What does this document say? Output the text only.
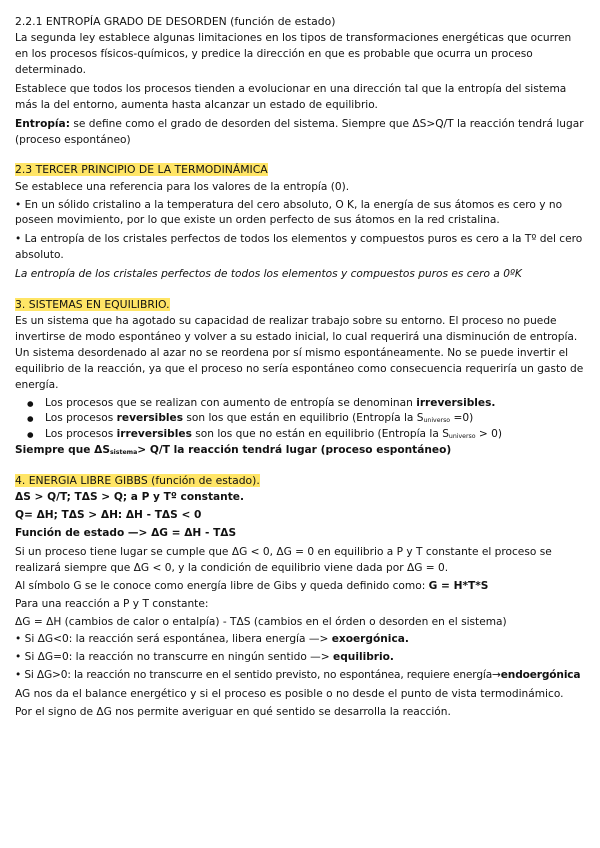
2.2.1 ENTROPÍA GRADO DE DESORDEN (función de estado)

La segunda ley establece algunas limitaciones en los tipos de transformaciones energéticas que ocurren en los procesos físicos-químicos, y predice la dirección en que es probable que ocurra un proceso determinado.

Establece que todos los procesos tienden a evolucionar en una dirección tal que la entropía del sistema más la del entorno, aumenta hasta alcanzar un estado de equilibrio.

Entropía: se define como el grado de desorden del sistema. Siempre que ΔS>Q/T la reacción tendrá lugar (proceso espontáneo)

2.3 TERCER PRINCIPIO DE LA TERMODINÁMICA

Se establece una referencia para los valores de la entropía (0).

• En un sólido cristalino a la temperatura del cero absoluto, O K, la energía de sus átomos es cero y no poseen movimiento, por lo que existe un orden perfecto de sus átomos en la red cristalina.

• La entropía de los cristales perfectos de todos los elementos y compuestos puros es cero a la Tº del cero absoluto.

La entropía de los cristales perfectos de todos los elementos y compuestos puros es cero a 0ºK

3. SISTEMAS EN EQUILIBRIO.

Es un sistema que ha agotado su capacidad de realizar trabajo sobre su entorno. El proceso no puede invertirse de modo espontáneo y volver a su estado inicial, lo cual requerirá una disminución de entropía. Un sistema desordenado al azar no se reordena por sí mismo espontáneamente. No se puede invertir el equilibrio de la reacción, ya que el proceso no sería espontáneo como consecuencia requeriría un gasto de energía.

● Los procesos que se realizan con aumento de entropía se denominan irreversibles.
● Los procesos reversibles son los que están en equilibrio (Entropía la $S_{universo} =0$)
● Los procesos irreversibles son los que no están en equilibrio (Entropía la $S_{universo} > 0$)

Siempre que $\Delta S_{sistema}> Q/T$ la reacción tendrá lugar (proceso espontáneo)

4. ENERGIA LIBRE GIBBS (función de estado).

ΔS > Q/T; TΔS > Q; a P y Tº constante.

Q= ΔH; TΔS > ΔH: ΔH - TΔS < 0

Función de estado —> ΔG = ΔH - TΔS

Si un proceso tiene lugar se cumple que ΔG < 0, ΔG = 0 en equilibrio a P y T constante el proceso se realizará siempre que ΔG < 0, y la condición de equilibrio viene dada por ΔG = 0.

Al símbolo G se le conoce como energía libre de Gibs y queda definido como: G = H*T*S

Para una reacción a P y T constante:

ΔG = ΔH (cambios de calor o entalpía) - TΔS (cambios en el órden o desorden en el sistema)

• Si ΔG<0: la reacción será espontánea, libera energía —> exoergónica.

• Si ΔG=0: la reacción no transcurre en ningún sentido —> equilibrio.

• Si ΔG>0: la reacción no transcurre en el sentido previsto, no espontánea, requiere energía→endoergónica

AG nos da el balance energético y si el proceso es posible o no desde el punto de vista termodinámico.

Por el signo de ΔG nos permite averiguar en qué sentido se desarrolla la reacción.
